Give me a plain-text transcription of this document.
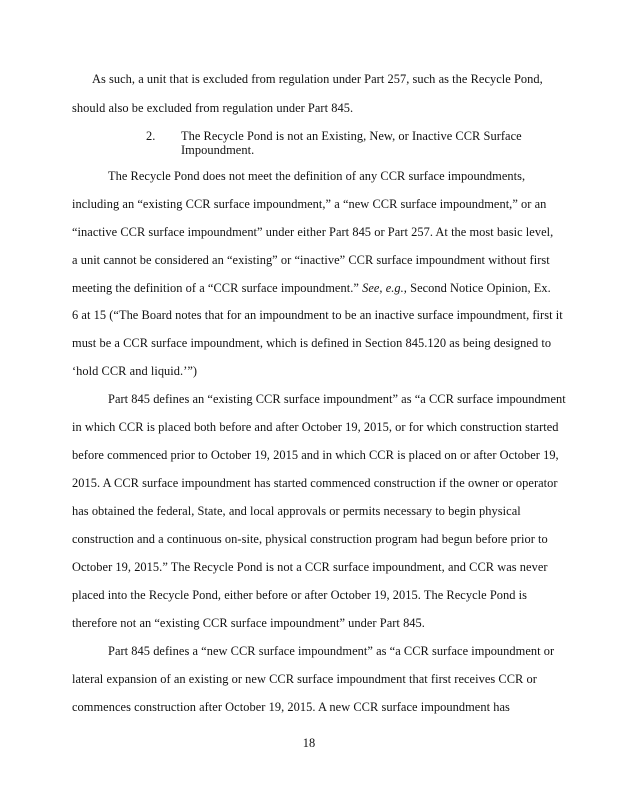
As such, a unit that is excluded from regulation under Part 257, such as the Recycle Pond,
should also be excluded from regulation under Part 845.
2. The Recycle Pond is not an Existing, New, or Inactive CCR Surface
Impoundment.
The Recycle Pond does not meet the definition of any CCR surface impoundments,
including an “existing CCR surface impoundment,” a “new CCR surface impoundment,” or an
“inactive CCR surface impoundment” under either Part 845 or Part 257. At the most basic level,
a unit cannot be considered an “existing” or “inactive” CCR surface impoundment without first
meeting the definition of a “CCR surface impoundment.” See, e.g., Second Notice Opinion, Ex.
6 at 15 (“The Board notes that for an impoundment to be an inactive surface impoundment, first it
must be a CCR surface impoundment, which is defined in Section 845.120 as being designed to
‘hold CCR and liquid.’”)
Part 845 defines an “existing CCR surface impoundment” as “a CCR surface impoundment
in which CCR is placed both before and after October 19, 2015, or for which construction started
before commenced prior to October 19, 2015 and in which CCR is placed on or after October 19,
2015. A CCR surface impoundment has started commenced construction if the owner or operator
has obtained the federal, State, and local approvals or permits necessary to begin physical
construction and a continuous on-site, physical construction program had begun before prior to
October 19, 2015.” The Recycle Pond is not a CCR surface impoundment, and CCR was never
placed into the Recycle Pond, either before or after October 19, 2015. The Recycle Pond is
therefore not an “existing CCR surface impoundment” under Part 845.
Part 845 defines a “new CCR surface impoundment” as “a CCR surface impoundment or
lateral expansion of an existing or new CCR surface impoundment that first receives CCR or
commences construction after October 19, 2015. A new CCR surface impoundment has
18
